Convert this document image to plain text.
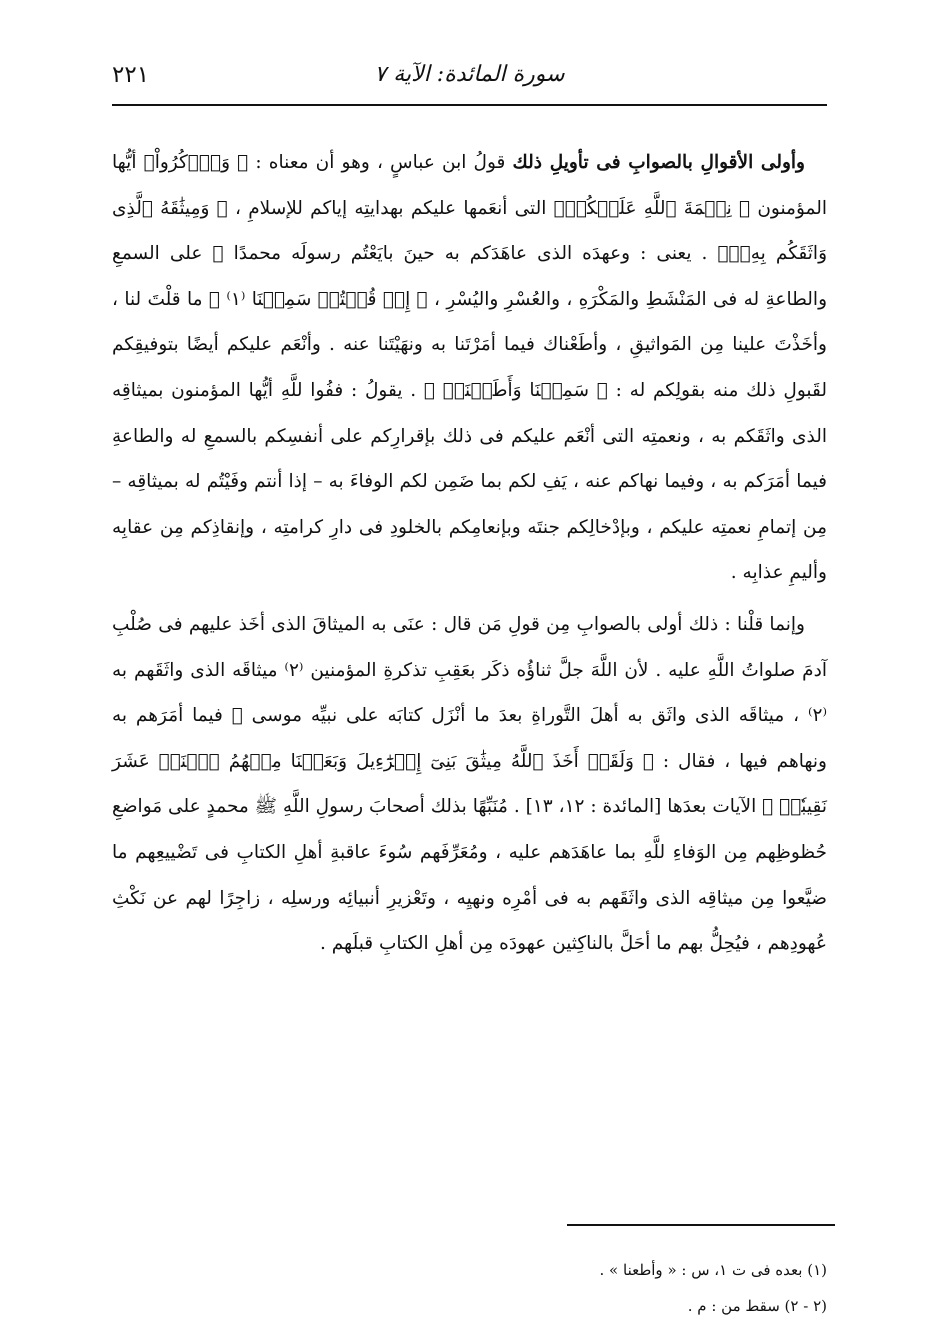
سورة المائدة: الآية ٧
٢٢١

وأولى الأقوالِ بالصوابِ فى تأويلِ ذلك قولُ ابن عباسٍ ، وهو أن معناه : ﴿ وَٱذۡكُرُواْ﴾ أيُّها المؤمنون ﴿ نِعۡمَةَ ٱللَّهِ عَلَيۡكُمۡ﴾ التى أنعَمها عليكم بهدايتِه إياكم للإسلامِ ، ﴿ وَمِيثَٰقَهُ ٱلَّذِى وَاثَقَكُم بِهِۦٓ﴾ . يعنى : وعهدَه الذى عاهَدَكم به حينَ بايَعْتُم رسولَه محمدًا ﷺ على السمعِ والطاعةِ له فى المَنْشَطِ والمَكْرَهِ ، والعُسْرِ واليُسْرِ ، ﴿ إِذۡ قُلۡتُمۡ سَمِعۡنَا ⁽١⁾ ﴾ ما قلْتَ لنا ، وأخَذْتَ علينا مِن المَواثيقِ ، وأطَعْناك فيما أمَرْتَنا به ونهَيْتَنا عنه . وأنْعَم عليكم أيضًا بتوفيقِكم لقَبولِ ذلك منه بقولِكم له : ﴿ سَمِعۡنَا وَأَطَعۡنَاۖ ﴾ . يقولُ : ففُوا للَّهِ أيُّها المؤمنون بميثاقِه الذى واثَقَكم به ، ونعمتِه التى أنْعَم عليكم فى ذلك بإقرارِكم على أنفسِكم بالسمعِ له والطاعةِ فيما أمَرَكم به ، وفيما نهاكم عنه ، يَفِ لكم بما ضَمِن لكم الوفاءَ به – إذا أنتم وفَيْتُم له بميثاقِه – مِن إتمامِ نعمتِه عليكم ، وبإدْخالِكم جنتَه وبإنعامِكم بالخلودِ فى دارِ كرامتِه ، وإنقاذِكم مِن عقابِه وأليمِ عذابِه .

وإنما قلْنا : ذلك أولى بالصوابِ مِن قولِ مَن قال : عنَى به الميثاقَ الذى أخَذ عليهم فى صُلْبِ آدمَ صلواتُ اللَّهِ عليه . لأن اللَّهَ جلَّ ثناؤُه ذكَر بعَقِبِ تذكرةِ المؤمنين ⁽٢⁾ ميثاقَه الذى واثَقَهم به ⁽٢⁾ ، ميثاقَه الذى واثَق به أهلَ التَّوراةِ بعدَ ما أنْزَل كتابَه على نبيِّه موسى ﷺ فيما أمَرَهم به ونهاهم فيها ، فقال : ﴿ وَلَقَدۡ أَخَذَ ٱللَّهُ مِيثَٰقَ بَنِىٓ إِسۡرَٰٓءِيلَ وَبَعَثۡنَا مِنۡهُمُ ٱثۡنَىۡ عَشَرَ نَقِيبٗاۖ ﴾ الآيات بعدَها [المائدة : ١٢، ١٣] . مُنَبِّهًا بذلك أصحابَ رسولِ اللَّهِ ﷺ محمدٍ على مَواضعِ حُظوظِهم مِن الوَفاءِ للَّهِ بما عاهَدَهم عليه ، ومُعَرِّفَهم سُوءَ عاقبةِ أهلِ الكتابِ فى تَضْييعِهم ما ضيَّعوا مِن ميثاقِه الذى واثَقَهم به فى أمْرِه ونهيِه ، وتَعْزيرِ أنبيائِه ورسلِه ، زاجِرًا لهم عن نَكْثِ عُهودِهم ، فيُحِلُّ بهم ما أحَلَّ بالناكِثين عهودَه مِن أهلِ الكتابِ قبلَهم .

(١) بعده فى ت ١، س : « وأطعنا » .

(٢ - ٢) سقط من : م .
